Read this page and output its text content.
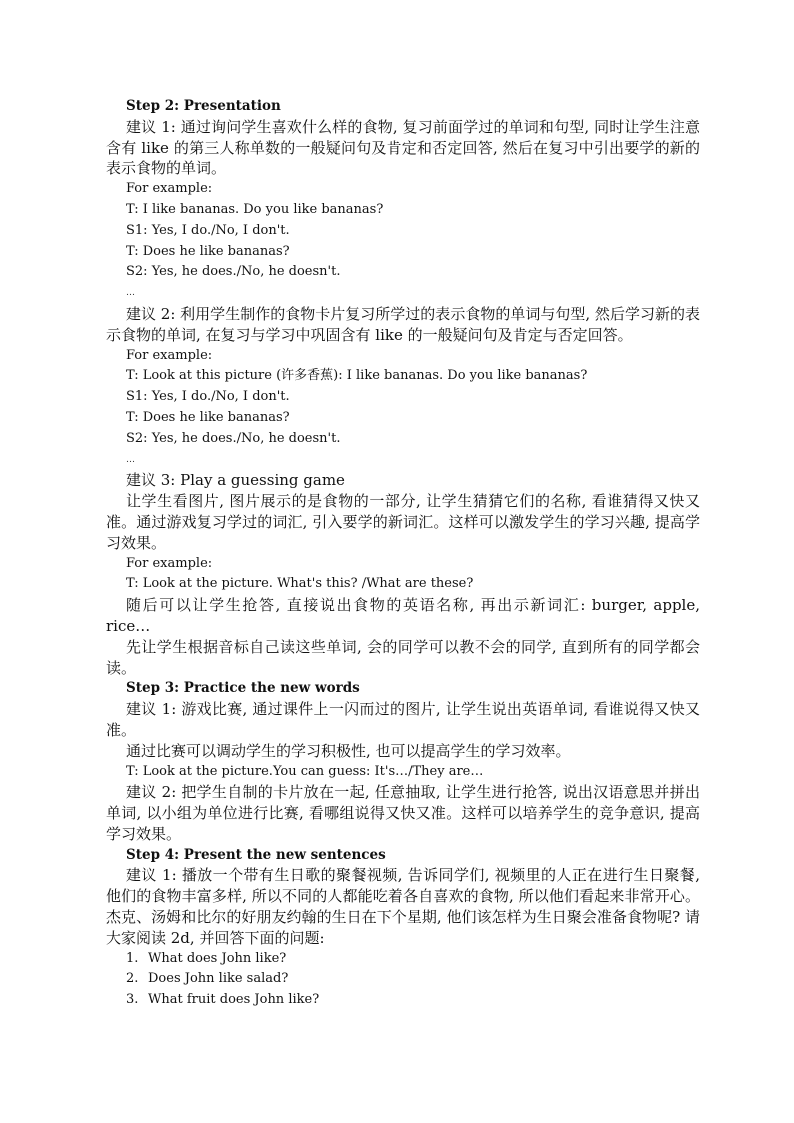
Step 2: Presentation
建议 1: 通过询问学生喜欢什么样的食物, 复习前面学过的单词和句型, 同时让学生注意含有 like 的第三人称单数的一般疑问句及肯定和否定回答, 然后在复习中引出要学的新的表示食物的单词。
For example:
T: I like bananas. Do you like bananas?
S1: Yes, I do./No, I don't.
T: Does he like bananas?
S2: Yes, he does./No, he doesn't.
…
建议 2: 利用学生制作的食物卡片复习所学过的表示食物的单词与句型, 然后学习新的表示食物的单词, 在复习与学习中巩固含有 like 的一般疑问句及肯定与否定回答。
For example:
T: Look at this picture (许多香蕉): I like bananas. Do you like bananas?
S1: Yes, I do./No, I don't.
T: Does he like bananas?
S2: Yes, he does./No, he doesn't.
…
建议 3: Play a guessing game
让学生看图片, 图片展示的是食物的一部分, 让学生猜猜它们的名称, 看谁猜得又快又准。通过游戏复习学过的词汇, 引入要学的新词汇。这样可以激发学生的学习兴趣, 提高学习效果。
For example:
T: Look at the picture. What's this? /What are these?
随后可以让学生抢答, 直接说出食物的英语名称, 再出示新词汇: burger, apple, rice…
先让学生根据音标自己读这些单词, 会的同学可以教不会的同学, 直到所有的同学都会读。
Step 3: Practice the new words
建议 1: 游戏比赛, 通过课件上一闪而过的图片, 让学生说出英语单词, 看谁说得又快又准。
通过比赛可以调动学生的学习积极性, 也可以提高学生的学习效率。
T: Look at the picture.You can guess: It's…/They are…
建议 2: 把学生自制的卡片放在一起, 任意抽取, 让学生进行抢答, 说出汉语意思并拼出单词, 以小组为单位进行比赛, 看哪组说得又快又准。这样可以培养学生的竞争意识, 提高学习效果。
Step 4: Present the new sentences
建议 1: 播放一个带有生日歌的聚餐视频, 告诉同学们, 视频里的人正在进行生日聚餐, 他们的食物丰富多样, 所以不同的人都能吃着各自喜欢的食物, 所以他们看起来非常开心。杰克、汤姆和比尔的好朋友约翰的生日在下个星期, 他们该怎样为生日聚会准备食物呢? 请大家阅读 2d, 并回答下面的问题:
1. What does John like?
2. Does John like salad?
3. What fruit does John like?
